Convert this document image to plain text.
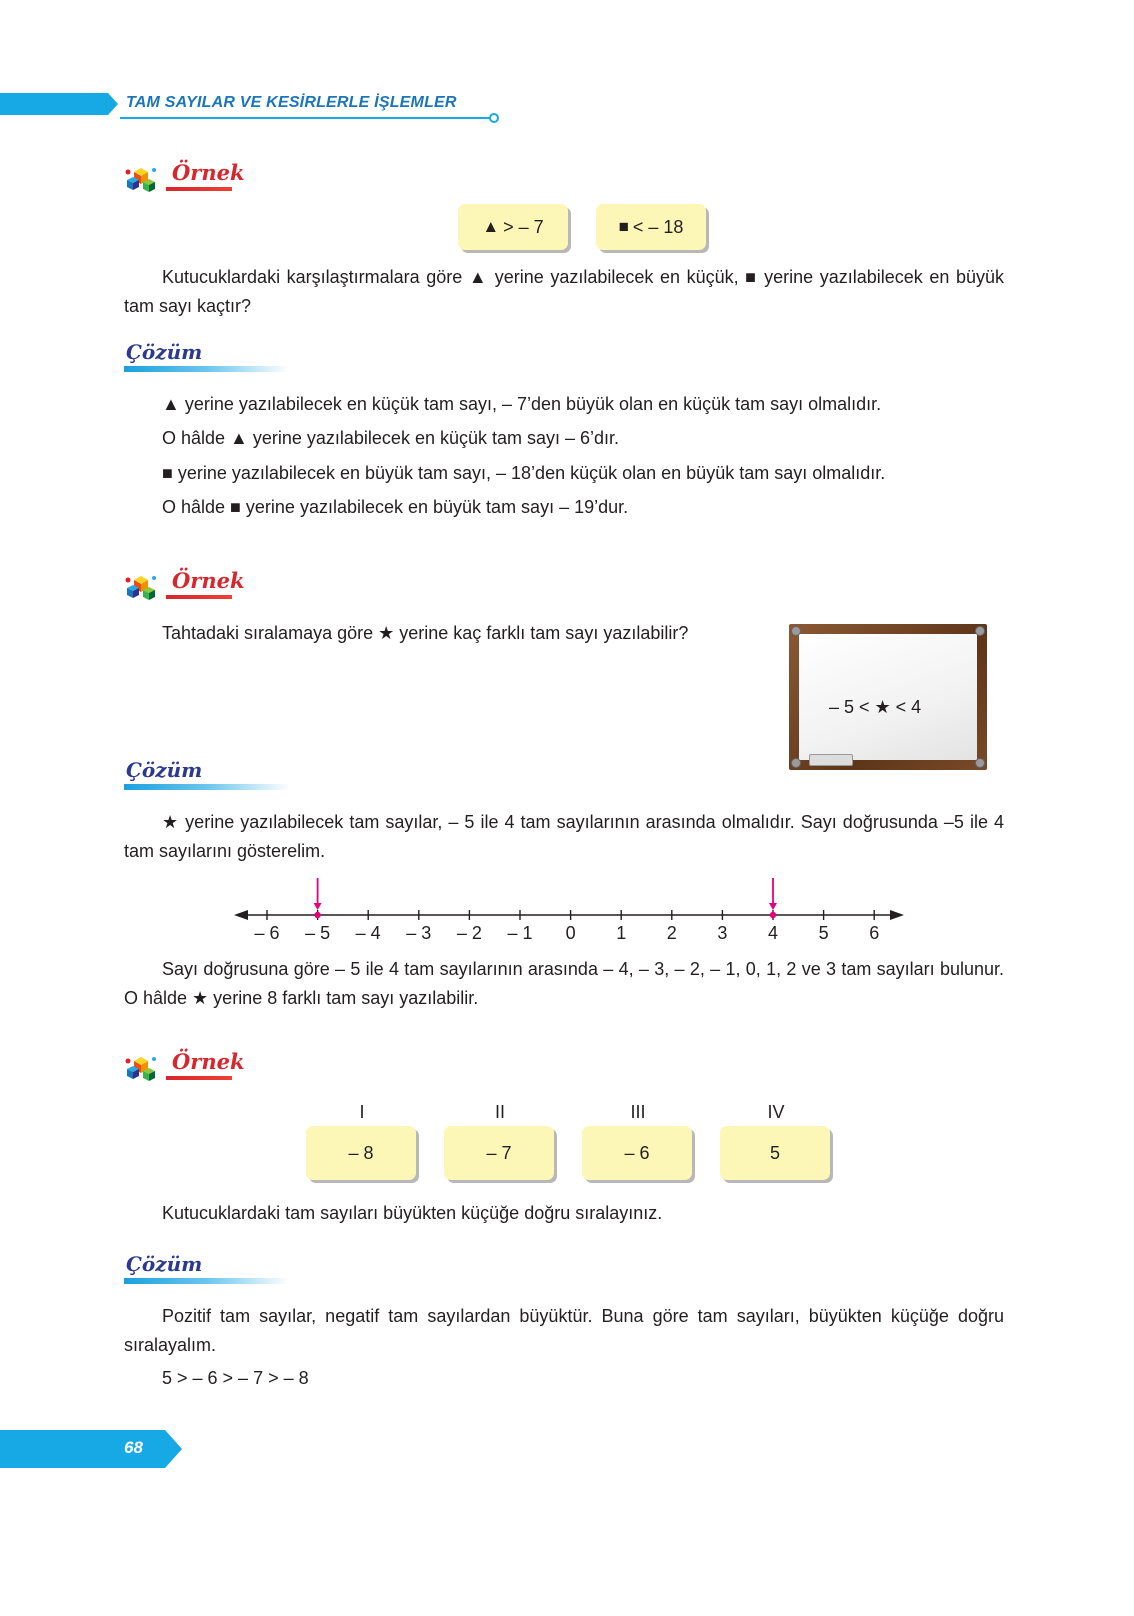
TAM SAYILAR VE KESİRLERLE İŞLEMLER
Örnek
▲ > – 7	■ < – 18
Kutucuklardaki karşılaştırmalara göre ▲ yerine yazılabilecek en küçük, ■ yerine yazılabilecek en büyük tam sayı kaçtır?
Çözüm
▲ yerine yazılabilecek en küçük tam sayı, – 7’den büyük olan en küçük tam sayı olmalıdır.
O hâlde ▲ yerine yazılabilecek en küçük tam sayı – 6’dır.
■ yerine yazılabilecek en büyük tam sayı, – 18’den küçük olan en büyük tam sayı olmalıdır.
O hâlde ■ yerine yazılabilecek en büyük tam sayı – 19’dur.
Örnek
Tahtadaki sıralamaya göre ★ yerine kaç farklı tam sayı yazılabilir?
– 5 < ★ < 4
Çözüm
★ yerine yazılabilecek tam sayılar, – 5 ile 4 tam sayılarının arasında olmalıdır. Sayı doğrusunda –5 ile 4 tam sayılarını gösterelim.
– 6 – 5 – 4 – 3 – 2 – 1 0 1 2 3 4 5 6
Sayı doğrusuna göre – 5 ile 4 tam sayılarının arasında – 4, – 3, – 2, – 1, 0, 1, 2 ve 3 tam sayıları bulunur. O hâlde ★ yerine 8 farklı tam sayı yazılabilir.
Örnek
I	II	III	IV
– 8	– 7	– 6	5
Kutucuklardaki tam sayıları büyükten küçüğe doğru sıralayınız.
Çözüm
Pozitif tam sayılar, negatif tam sayılardan büyüktür. Buna göre tam sayıları, büyükten küçüğe doğru sıralayalım.
5 > – 6 > – 7 > – 8
68
